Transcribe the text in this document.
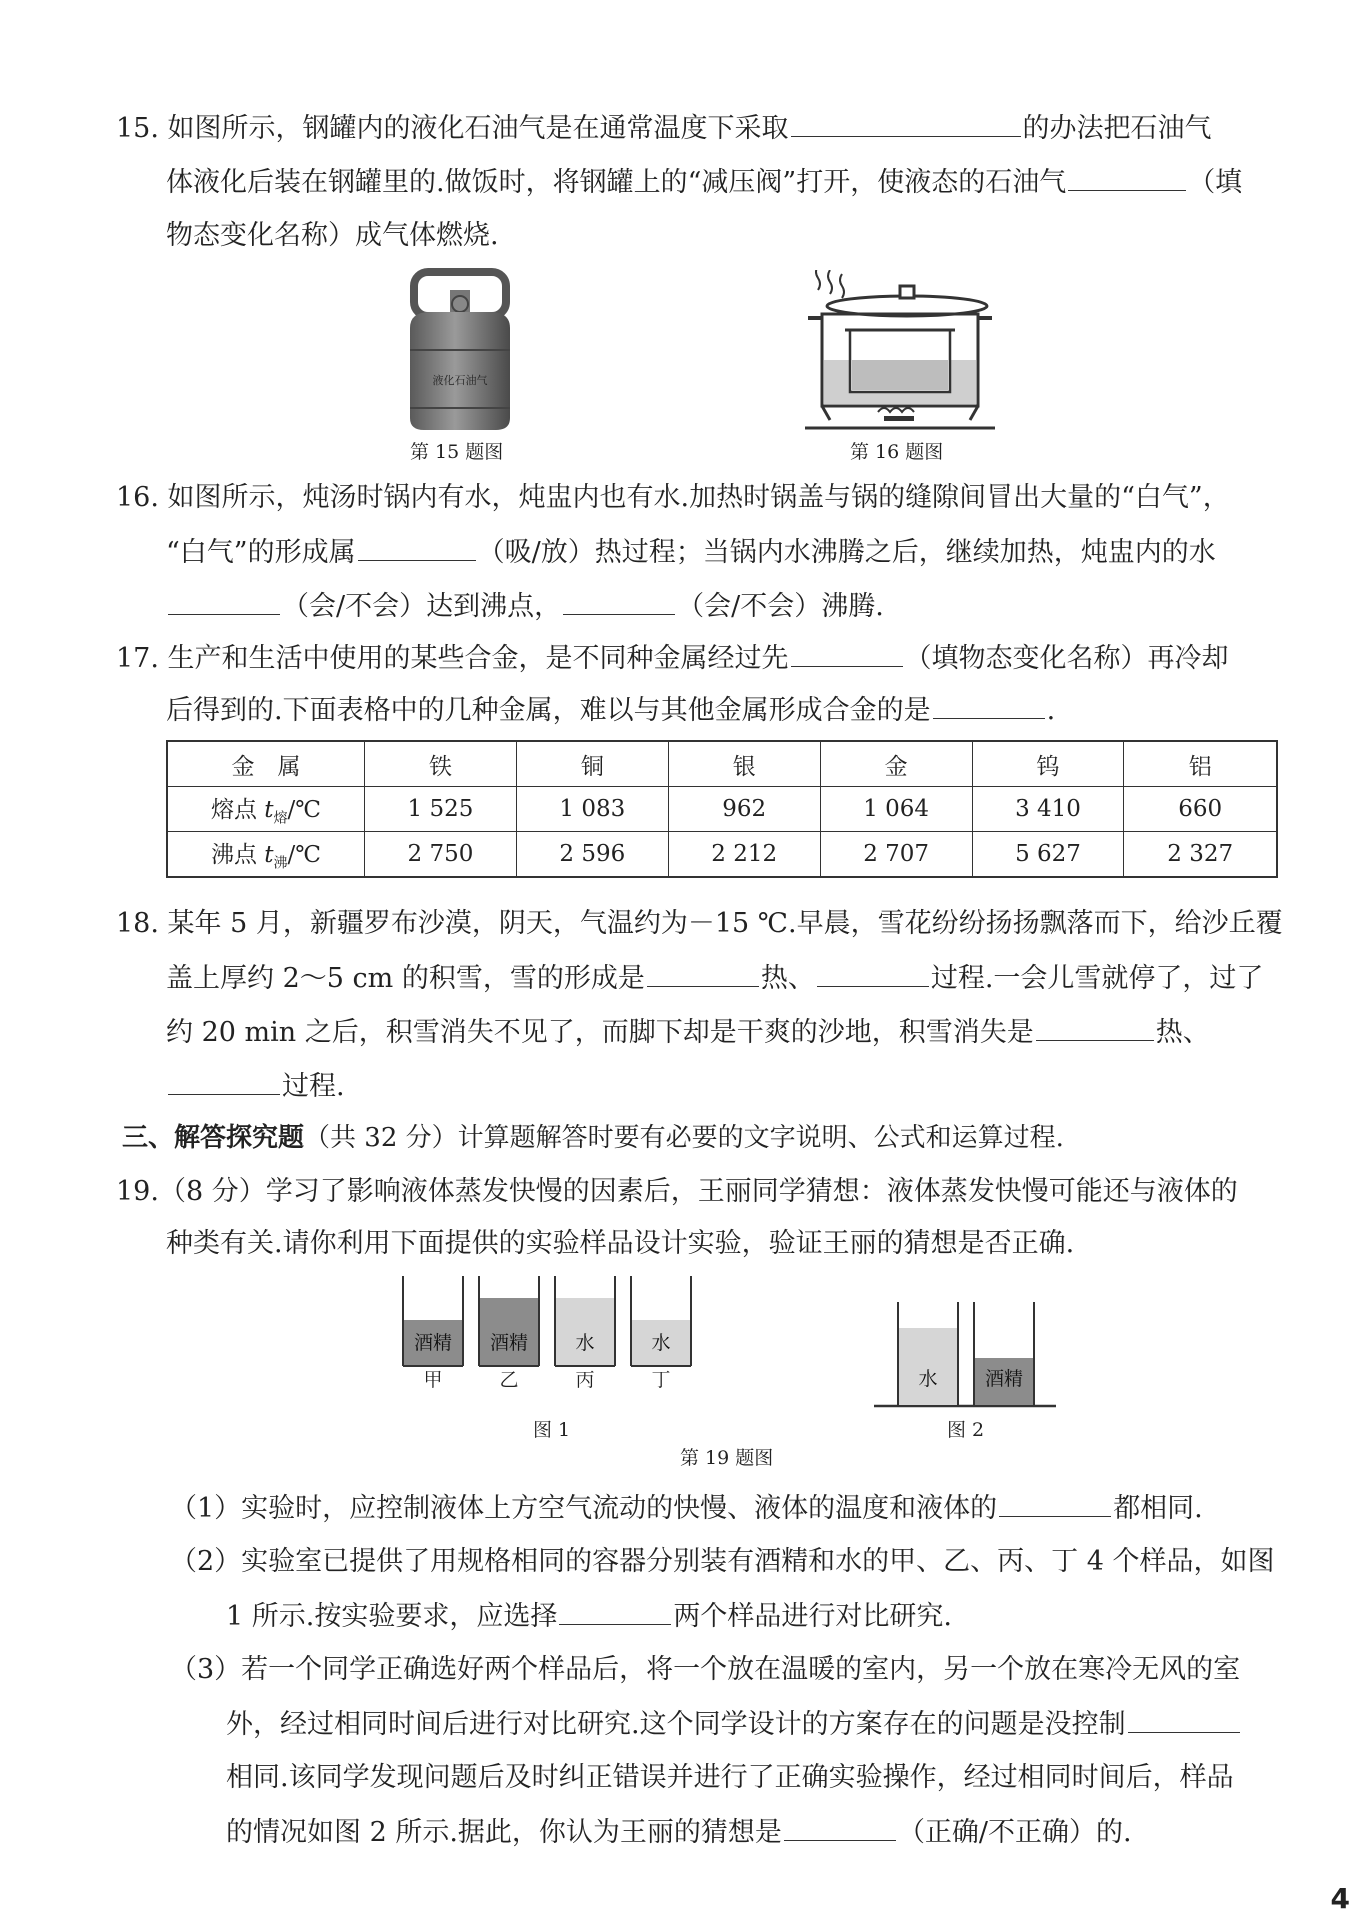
15. 如图所示，钢罐内的液化石油气是在通常温度下采取	的办法把石油气
体液化后装在钢罐里的.做饭时，将钢罐上的“减压阀”打开，使液态的石油气	（填
物态变化名称）成气体燃烧.
液化石油气
第 15 题图	第 16 题图
16. 如图所示，炖汤时锅内有水，炖盅内也有水.加热时锅盖与锅的缝隙间冒出大量的“白气”，
“白气”的形成属	（吸/放）热过程；当锅内水沸腾之后，继续加热，炖盅内的水
（会/不会）达到沸点，	（会/不会）沸腾.
17. 生产和生活中使用的某些合金，是不同种金属经过先	（填物态变化名称）再冷却
后得到的.下面表格中的几种金属，难以与其他金属形成合金的是	.
金　属	铁	铜	银	金	钨	铝
熔点 $t_熔/℃$	1 525	1 083	962	1 064	3 410	660
沸点 $t_沸/℃$	2 750	2 596	2 212	2 707	5 627	2 327
18. 某年 5 月，新疆罗布沙漠，阴天，气温约为－15 ℃.早晨，雪花纷纷扬扬飘落而下，给沙丘覆
盖上厚约 2～5 cm 的积雪，雪的形成是	热、	过程.一会儿雪就停了，过了
约 20 min 之后，积雪消失不见了，而脚下却是干爽的沙地，积雪消失是	热、
过程.
三、解答探究题（共 32 分）计算题解答时要有必要的文字说明、公式和运算过程.
19.（8 分）学习了影响液体蒸发快慢的因素后，王丽同学猜想：液体蒸发快慢可能还与液体的
种类有关.请你利用下面提供的实验样品设计实验，验证王丽的猜想是否正确.
酒精 酒精 水	水
甲	乙	丙	丁
图 1
水 酒精
图 2
第 19 题图
（1）实验时，应控制液体上方空气流动的快慢、液体的温度和液体的	都相同.
（2）实验室已提供了用规格相同的容器分别装有酒精和水的甲、乙、丙、丁 4 个样品，如图
1 所示.按实验要求，应选择	两个样品进行对比研究.
（3）若一个同学正确选好两个样品后，将一个放在温暖的室内，另一个放在寒冷无风的室
外，经过相同时间后进行对比研究.这个同学设计的方案存在的问题是没控制
相同.该同学发现问题后及时纠正错误并进行了正确实验操作，经过相同时间后，样品
的情况如图 2 所示.据此，你认为王丽的猜想是	（正确/不正确）的.
4
